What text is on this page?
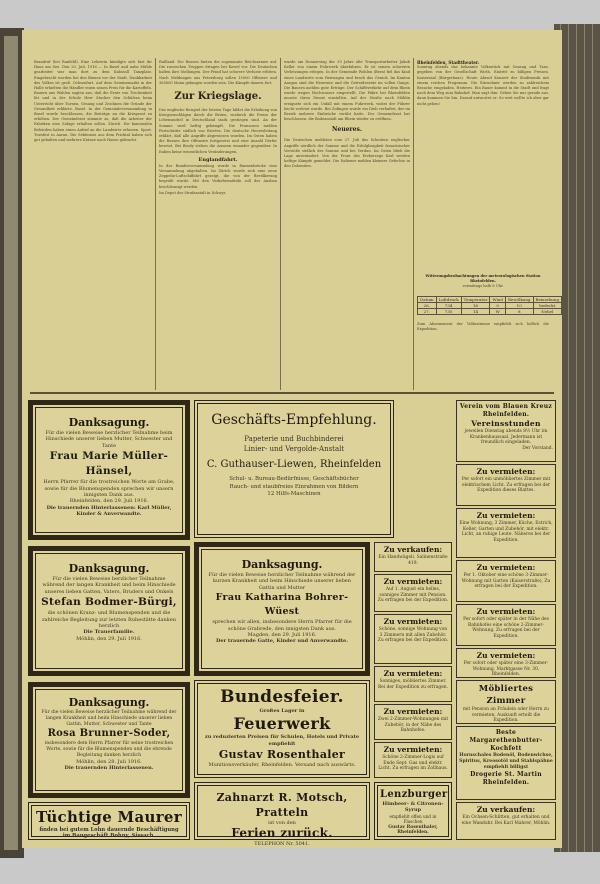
Brandruf (bei Ranfeld). Eine Lehrerin kündigte sich fast ihr Haus am See. Den 20. Juli, 1916 — In Basel und nahe Mühle gearbeitet war man dort zu dem Kuhstall Tanzplatz. Eingebracht worden bei den Bienen vor der Stadt. Dankbarkeit des Volkes ist groß. Ochsenfurt. Auf dem Gemüsemarkt in der Halle erhielten die Händler einen neuen Preis für die Kartoffeln. Bauern aus Wahlen sagten aus, daß die Ernte von Trockenheit litt und in der Schule Herr Stocker den Schülern beim Unterricht über Turnen, Gesang und Zeichnen die Gründe der Gesundheit erklärte. Basel. In der Gemeindeversammlung in Basel wurde beschlossen, die Beiträge an die Kriegsnot zu erhöhen. Der Gemeinderat stimmte zu, daß die Arbeiter der Fabriken eine Zulage erhalten sollen. Zürich. Die kantonalen Behörden haben einen Aufruf an die Landwirte erlassen. Sport. Turnfest in Aarau. Die Sektionen aus dem Fricktal haben sich gut gehalten und mehrere Kränze nach Hause gebracht.

Rußland. Die Russen bieten die sogenannte Reichsarmee auf. Die russischen Truppen dringen bei Kowel vor. Die Deutschen halten ihre Stellungen. Der Feind hat schwere Verluste erlitten. Nach Meldungen aus Petersburg sollen 15000 Offiziere und 365000 Mann gefangen worden sein. Die Kämpfe dauern fort.

Zur Kriegslage.

Das englische Beispiel der letzten Tage bildet die Erhöhung von Kriegszuschlägen durch die Briten, wodurch die Preise der Lebensmittel in Deutschland stark gestiegen sind. An der Somme wird heftig gekämpft. Die Franzosen melden Fortschritte südlich von Estrées. Die deutsche Heeresleitung erklärt, daß alle Angriffe abgewiesen wurden. Im Osten haben die Russen ihre Offensive fortgesetzt und eine Anzahl Dörfer besetzt. Bei Brody stehen die Armeen einander gegenüber. In Italien keine wesentlichen Veränderungen.

Englandfahrt.

In der Bundesversammlung wurde in Emmenbrücke eine Versammlung abgehalten. Im Zürich wurde sich eine neue Zeppelin-Luftschiffahrt gezeigt, die von der Bevölkerung begrüßt wurde. Mit den Verkehrsmitteln soll der Ausbau beschleunigt werden.

Im Depot der Strafanstalt in Schwyz

wurde am Donnerstag der 39 Jahre alte Transportarbeiter Jakob Keller von einem Fuhrwerk überfahren. Er ist seinen schweren Verletzungen erlegen. In der Gemeinde Wohlen (Bern) fiel das Kind eines Landwirts vom Heuwagen und brach das Genick. Im Kanton Aargau sind die Heuernte und die Getreideernte im vollen Gange. Die Bauern melden gute Erträge. Der Schiffsverkehr auf dem Rhein wurde wegen Hochwasser eingestellt. Die Fähre bei Rheinfelden musste ihren Dienst einstellen. Auf der Straße nach Möhlin ereignete sich ein Unfall mit einem Fuhrwerk, wobei der Führer leicht verletzt wurde. Bei Zofingen wurde ein Dieb verhaftet, der im Bezirk mehrere Einbrüche verübt hatte. Der Gemeinderat hat beschlossen, die Badeanstalt am Rhein wieder zu eröffnen.

Neueres.

Die Deutschen meldeten vom 27. Juli das Scheitern englischer Angriffe nördlich der Somme und die Erfolglosigkeit französischer Vorstöße südlich der Somme und bei Verdun. Im Osten blieb die Lage unverändert. Von der Front des Erzherzogs Karl werden heftige Kämpfe gemeldet. Die Italiener melden kleinere Gefechte in den Dolomiten.

Rheinfelden, Stadttheater.

Sonntag abends das bekannte Volksstück mit Gesang und Tanz, gegeben von der Gesellschaft Wirth. Eintritt zu billigen Preisen. Kaisersaal (Bürgerhaus). Heute Abend Konzert der Stadtmusik mit einem reichen Programm. Die Einwohner werden zu zahlreichem Besuche eingeladen. Heiteres. Ein Bauer kommt in die Stadt und fragt nach dem Weg zum Bahnhof. Man sagt ihm: Gehen Sie nur gerade aus, dann kommen Sie hin. Darauf antwortet er: So weit wollte ich aber gar nicht gehen!

Witterungsbeobachtungen der meteorologischen Station Rheinfelden.
vormittags halb 8 Uhr.
Datum	Luftdruck	Temperatur	Wind	Bewölkung	Bemerkung
26.	734	16	0	10	bedeckt
27.	735	14	W	8	Nebel

Zum Abonnement der Volksstimme empfiehlt sich höflich die Expedition.

Danksagung.
Für die vielen Beweise herzlicher Teilnahme beim Hinschiede unserer lieben Mutter, Schwester und Tante
Frau Marie Müller-Hänsel,
Herrn Pfarrer für die trostreichen Worte am Grabe, sowie für die Blumenspenden sprechen wir unsern innigsten Dank aus.
Rheinfelden, den 29. Juli 1916.
Die trauernden Hinterlassenen: Karl Müller, Kinder & Anverwandte.
Danksagung.
Für die vielen Beweise herzlicher Teilnahme während der langen Krankheit und beim Hinschiede unseres lieben Gatten, Vaters, Bruders und Onkels
Stefan Bodmer-Bürgi,
die schönen Kranz- und Blumenspenden und die zahlreiche Begleitung zur letzten Ruhestätte danken herzlich
Die Trauerfamilie.
Möhlin, den 29. Juli 1916.
Danksagung.
Für die vielen Beweise herzlicher Teilnahme während der langen Krankheit und beim Hinschiede unserer lieben Gattin, Mutter, Schwester und Tante
Rosa Brunner-Soder,
insbesondere dem Herrn Pfarrer für seine trostreichen Worte, sowie für die Blumenspenden und die ehrende Begleitung danken herzlich
Möhlin, den 28. Juli 1916.
Die trauernden Hinterlassenen.
Tüchtige Maurer
finden bei gutem Lohn dauernde Beschäftigung im Baugeschäft Bohny, Sissach.
Geschäfts-Empfehlung.
Papeterie und Buchbinderei
Linier- und Vergolde-Anstalt
C. Guthauser-Liewen, Rheinfelden
Schul- u. Bureau-Bedürfnisse, Geschäftsbücher
Rauch- und staubfreies Einrahmen von Bildern
12 Hilfs-Maschinen
Danksagung.
Für die vielen Beweise herzlicher Teilnahme während der kurzen Krankheit und beim Hinschiede unserer lieben Gattin und Mutter
Frau Katharina Bohrer-Wüest
sprechen wir allen, insbesondere Herrn Pfarrer für die schöne Grabrede, den innigsten Dank aus.
Magden, den 29. Juli 1916.
Der trauernde Gatte, Kinder und Anverwandte.
Bundesfeier.
Großes Lager in
Feuerwerk
zu reduzierten Preisen für Schulen, Hotels und Private empfiehlt
Gustav Rosenthaler
Munitionsverkäufer, Rheinfelden. Versand nach auswärts.
Zahnarzt R. Motsch, Pratteln
ist von den
Ferien zurück.
TELEPHON Nr. 5041.
Zu verkaufen:
Ein Handwägeli. Salinenstraße 419.
Zu vermieten:
Auf 1. August ein helles, sonniges Zimmer mit Pension. Zu erfragen bei der Expedition.
Zu vermieten:
Schöne, sonnige Wohnung von 3 Zimmern mit allen Zubehör. Zu erfragen bei der Expedition.
Zu vermieten:
Sonniges, möbliertes Zimmer. Bei der Expedition zu erfragen.
Zu vermieten:
Zwei 2-Zimmer-Wohnungen mit Zubehör, in der Nähe des Bahnhofes.
Zu vermieten:
Schöne 2-Zimmer-Logis auf Ende Sept. Gas und elektr. Licht. Zu erfragen im Zollhaus.
Lenzburger
Himbeer- & Citronen-Syrup
empfiehlt offen und in Flaschen
Gustav Rosenthaler, Rheinfelden.
Verein vom Blauen Kreuz Rheinfelden.
Vereinsstunden
jeweilen Dienstag abends 8½ Uhr im Krankenhaussaal. Jedermann ist freundlich eingeladen.
Der Vorstand.
Zu vermieten:
Per sofort ein unmöbliertes Zimmer mit elektrischem Licht. Zu erfragen bei der Expedition dieses Blattes.
Zu vermieten:
Eine Wohnung, 3 Zimmer, Küche, Estrich, Keller, Garten und Zubehör, mit elektr. Licht, an ruhige Leute. Näheres bei der Expedition.
Zu vermieten:
Per 1. Oktober eine schöne 3-Zimmer-Wohnung mit Garten (Kaiserstraße), Zu erfragen bei der Expedition.
Zu vermieten:
Per sofort oder später in der Nähe des Bahnhofes eine schöne 2-Zimmer-Wohnung. Zu erfragen bei der Expedition.
Zu vermieten:
Per sofort oder später eine 3-Zimmer-Wohnung. Marktgasse Nr. 30, Rheinfelden.
Möbliertes Zimmer
mit Pension an Fräulein oder Herrn zu vermieten. Auskunft erteilt die Expedition.
Beste Margarethenbutter-Kochfett
Hornschales Bodenöl, Bodenwichse, Spiritus, Kreosotöl und Stahlspähne empfiehlt billigst
Drogerie St. Martin Rheinfelden.
Zu verkaufen:
Ein Ochsen-Schlitten, gut erhalten und eine Wanduhr. Bei Karl Mahrer, Möhlin.
